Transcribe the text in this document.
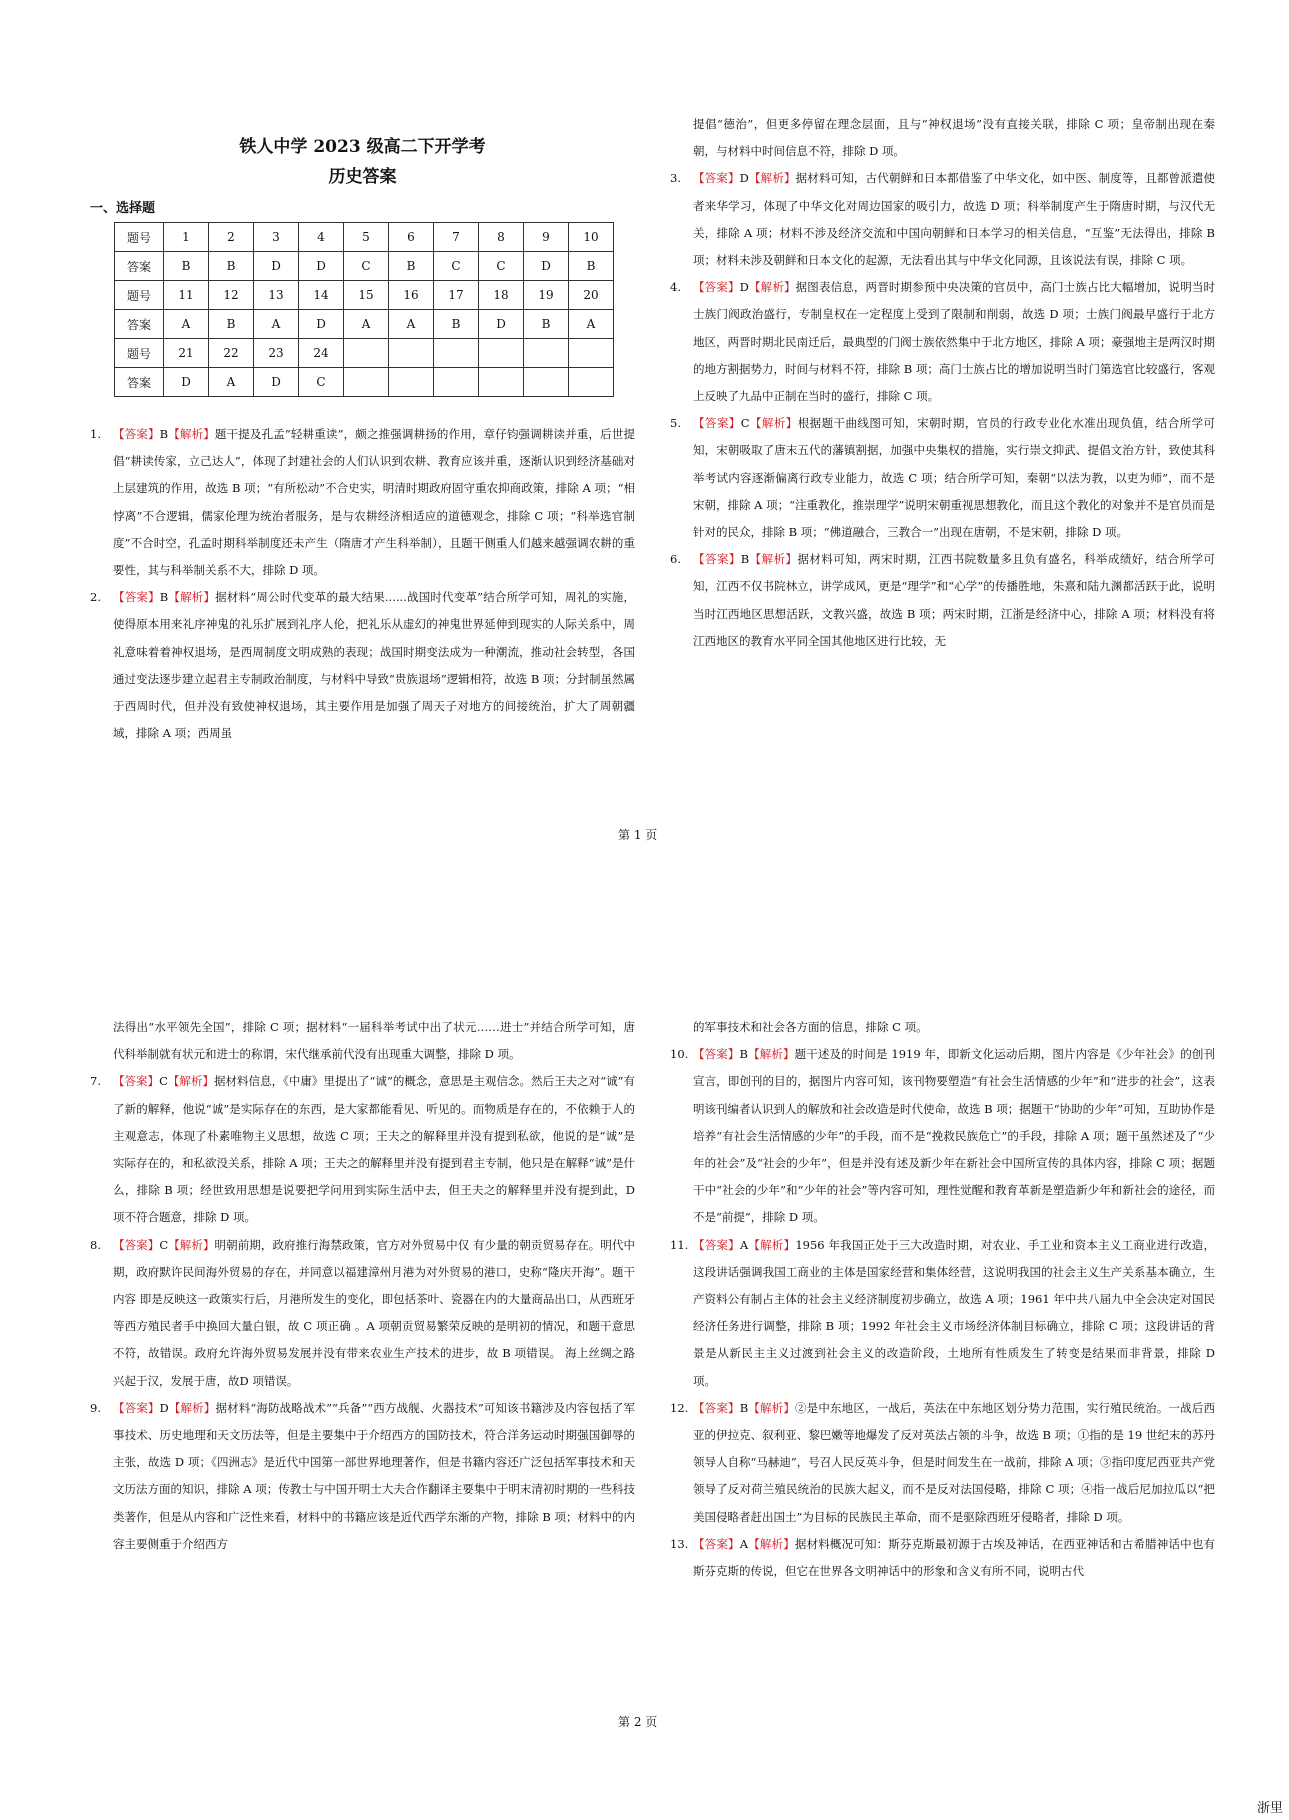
铁人中学 2023 级高二下开学考
历史答案
一、选择题
题号	1	2	3	4	5	6	7	8	9	10
答案	B	B	D	D	C	B	C	C	D	B
题号	11	12	13	14	15	16	17	18	19	20
答案	A	B	A	D	A	A	B	D	B	A
题号	21	22	23	24						
答案	D	A	D	C						

1. 【答案】B【解析】题干提及孔孟“轻耕重读”，颇之推强调耕扬的作用，章仔钧强调耕读并重，后世提倡“耕读传家，立己达人”，体现了封建社会的人们认识到农耕、教育应该并重，逐渐认识到经济基础对上层建筑的作用，故选 B 项；“有所松动”不合史实，明清时期政府固守重农抑商政策，排除 A 项；“相悖离”不合逻辑，儒家伦理为统治者服务，是与农耕经济相适应的道德观念，排除 C 项；“科举选官制度”不合时空，孔孟时期科举制度还未产生（隋唐才产生科举制），且题干侧重人们越来越强调农耕的重要性，其与科举制关系不大，排除 D 项。

2. 【答案】B【解析】据材料“周公时代变革的最大结果......战国时代变革”结合所学可知，周礼的实施，使得原本用来礼序神鬼的礼乐扩展到礼序人伦，把礼乐从虚幻的神鬼世界延伸到现实的人际关系中，周礼意味着着神权退场，是西周制度文明成熟的表现；战国时期变法成为一种潮流，推动社会转型，各国通过变法逐步建立起君主专制政治制度，与材料中导致“贵族退场”逻辑相符，故选 B 项；分封制虽然属于西周时代，但并没有致使神权退场，其主要作用是加强了周天子对地方的间接统治，扩大了周朝疆域，排除 A 项；西周虽

提倡“德治”，但更多停留在理念层面，且与“神权退场”没有直接关联，排除 C 项；皇帝制出现在秦朝，与材料中时间信息不符，排除 D 项。

3. 【答案】D【解析】据材料可知，古代朝鲜和日本都借鉴了中华文化，如中医、制度等，且都曾派遣使者来华学习，体现了中华文化对周边国家的吸引力，故选 D 项；科举制度产生于隋唐时期，与汉代无关，排除 A 项；材料不涉及经济交流和中国向朝鲜和日本学习的相关信息，“互鉴”无法得出，排除 B 项；材料未涉及朝鲜和日本文化的起源，无法看出其与中华文化同源，且该说法有误，排除 C 项。

4. 【答案】D【解析】据图表信息，两晋时期参预中央决策的官员中，高门士族占比大幅增加，说明当时士族门阀政治盛行，专制皇权在一定程度上受到了限制和削弱，故选 D 项；士族门阀最早盛行于北方地区，两晋时期北民南迁后，最典型的门阀士族依然集中于北方地区，排除 A 项；豪强地主是两汉时期的地方割据势力，时间与材料不符，排除 B 项；高门士族占比的增加说明当时门第选官比较盛行，客观上反映了九品中正制在当时的盛行，排除 C 项。

5. 【答案】C【解析】根据题干曲线图可知，宋朝时期，官员的行政专业化水准出现负值，结合所学可知，宋朝吸取了唐末五代的藩镇割据，加强中央集权的措施，实行崇文抑武、提倡文治方针，致使其科举考试内容逐渐偏离行政专业能力，故选 C 项；结合所学可知，秦朝“以法为教，以吏为师”，而不是宋朝，排除 A 项；“注重教化，推崇理学”说明宋朝重视思想教化，而且这个教化的对象并不是官员而是针对的民众，排除 B 项；“佛道融合，三教合一”出现在唐朝，不是宋朝，排除 D 项。

6. 【答案】B【解析】据材料可知，两宋时期，江西书院数量多且负有盛名，科举成绩好，结合所学可知，江西不仅书院林立，讲学成风，更是“理学”和“心学”的传播胜地，朱熹和陆九渊都活跃于此，说明当时江西地区思想活跃，文教兴盛，故选 B 项；两宋时期，江浙是经济中心，排除 A 项；材料没有将江西地区的教育水平同全国其他地区进行比较，无

第 1 页

法得出“水平领先全国”，排除 C 项；据材料“一届科举考试中出了状元……进士”并结合所学可知，唐代科举制就有状元和进士的称谓，宋代继承前代没有出现重大调整，排除 D 项。

7. 【答案】C【解析】据材料信息，《中庸》里提出了“诚”的概念，意思是主观信念。然后王夫之对“诚”有了新的解释，他说“诚”是实际存在的东西，是大家都能看见、听见的。而物质是存在的，不依赖于人的主观意志，体现了朴素唯物主义思想，故选 C 项；王夫之的解释里并没有提到私欲，他说的是“诚”是实际存在的，和私欲没关系，排除 A 项；王夫之的解释里并没有提到君主专制，他只是在解释“诚”是什么，排除 B 项；经世致用思想是说要把学问用到实际生活中去，但王夫之的解释里并没有提到此，D 项不符合题意，排除 D 项。

8. 【答案】C【解析】明朝前期，政府推行海禁政策，官方对外贸易中仅 有少量的朝贡贸易存在。明代中期，政府默许民间海外贸易的存在，并同意以福建漳州月港为对外贸易的港口，史称“隆庆开海”。题干内容 即是反映这一政策实行后，月港所发生的变化，即包括茶叶、瓷器在内的大量商品出口，从西班牙等西方殖民者手中换回大量白银，故 C 项正确 。A 项朝贡贸易繁荣反映的是明初的情况，和题干意思不符，故错误。政府允许海外贸易发展并没有带来农业生产技术的进步，故 B 项错误。 海上丝绸之路兴起于汉，发展于唐，故D 项错误。

9. 【答案】D【解析】据材料“海防战略战术”“兵备”“西方战舰、火器技术”可知该书籍涉及内容包括了军事技术、历史地理和天文历法等，但是主要集中于介绍西方的国防技术，符合洋务运动时期强国御辱的主张，故选 D 项；《四洲志》是近代中国第一部世界地理著作，但是书籍内容还广泛包括军事技术和天文历法方面的知识，排除 A 项；传教士与中国开明士大夫合作翻译主要集中于明末清初时期的一些科技类著作，但是从内容和广泛性来看，材料中的书籍应该是近代西学东渐的产物，排除 B 项；材料中的内容主要侧重于介绍西方

的军事技术和社会各方面的信息，排除 C 项。

10. 【答案】B【解析】题干述及的时间是 1919 年，即新文化运动后期，图片内容是《少年社会》的创刊宣言，即创刊的目的，据图片内容可知，该刊物要塑造“有社会生活情感的少年”和“进步的社会”，这表明该刊编者认识到人的解放和社会改造是时代使命，故选 B 项；据题干“协助的少年”可知，互助协作是培养“有社会生活情感的少年”的手段，而不是“挽救民族危亡”的手段，排除 A 项；题干虽然述及了“少年的社会”及“社会的少年”，但是并没有述及新少年在新社会中国所宣传的具体内容，排除 C 项；据题干中“社会的少年”和“少年的社会”等内容可知，理性觉醒和教育革新是塑造新少年和新社会的途径，而不是“前提”，排除 D 项。

11. 【答案】A【解析】1956 年我国正处于三大改造时期，对农业、手工业和资本主义工商业进行改造，这段讲话强调我国工商业的主体是国家经营和集体经营，这说明我国的社会主义生产关系基本确立，生产资料公有制占主体的社会主义经济制度初步确立，故选 A 项；1961 年中共八届九中全会决定对国民经济任务进行调整，排除 B 项；1992 年社会主义市场经济体制目标确立，排除 C 项；这段讲话的背景是从新民主主义过渡到社会主义的改造阶段，土地所有性质发生了转变是结果而非背景，排除 D 项。

12. 【答案】B【解析】②是中东地区，一战后，英法在中东地区划分势力范围，实行殖民统治。一战后西亚的伊拉克、叙利亚、黎巴嫩等地爆发了反对英法占领的斗争，故选 B 项；①指的是 19 世纪末的苏丹领导人自称“马赫迪”，号召人民反英斗争，但是时间发生在一战前，排除 A 项；③指印度尼西亚共产党领导了反对荷兰殖民统治的民族大起义，而不是反对法国侵略，排除 C 项；④指一战后尼加拉瓜以“把美国侵略者赶出国土”为目标的民族民主革命，而不是驱除西班牙侵略者，排除 D 项。

13. 【答案】A【解析】据材料概况可知：斯芬克斯最初源于古埃及神话，在西亚神话和古希腊神话中也有斯芬克斯的传说，但它在世界各文明神话中的形象和含义有所不同，说明古代

第 2 页
浙里
